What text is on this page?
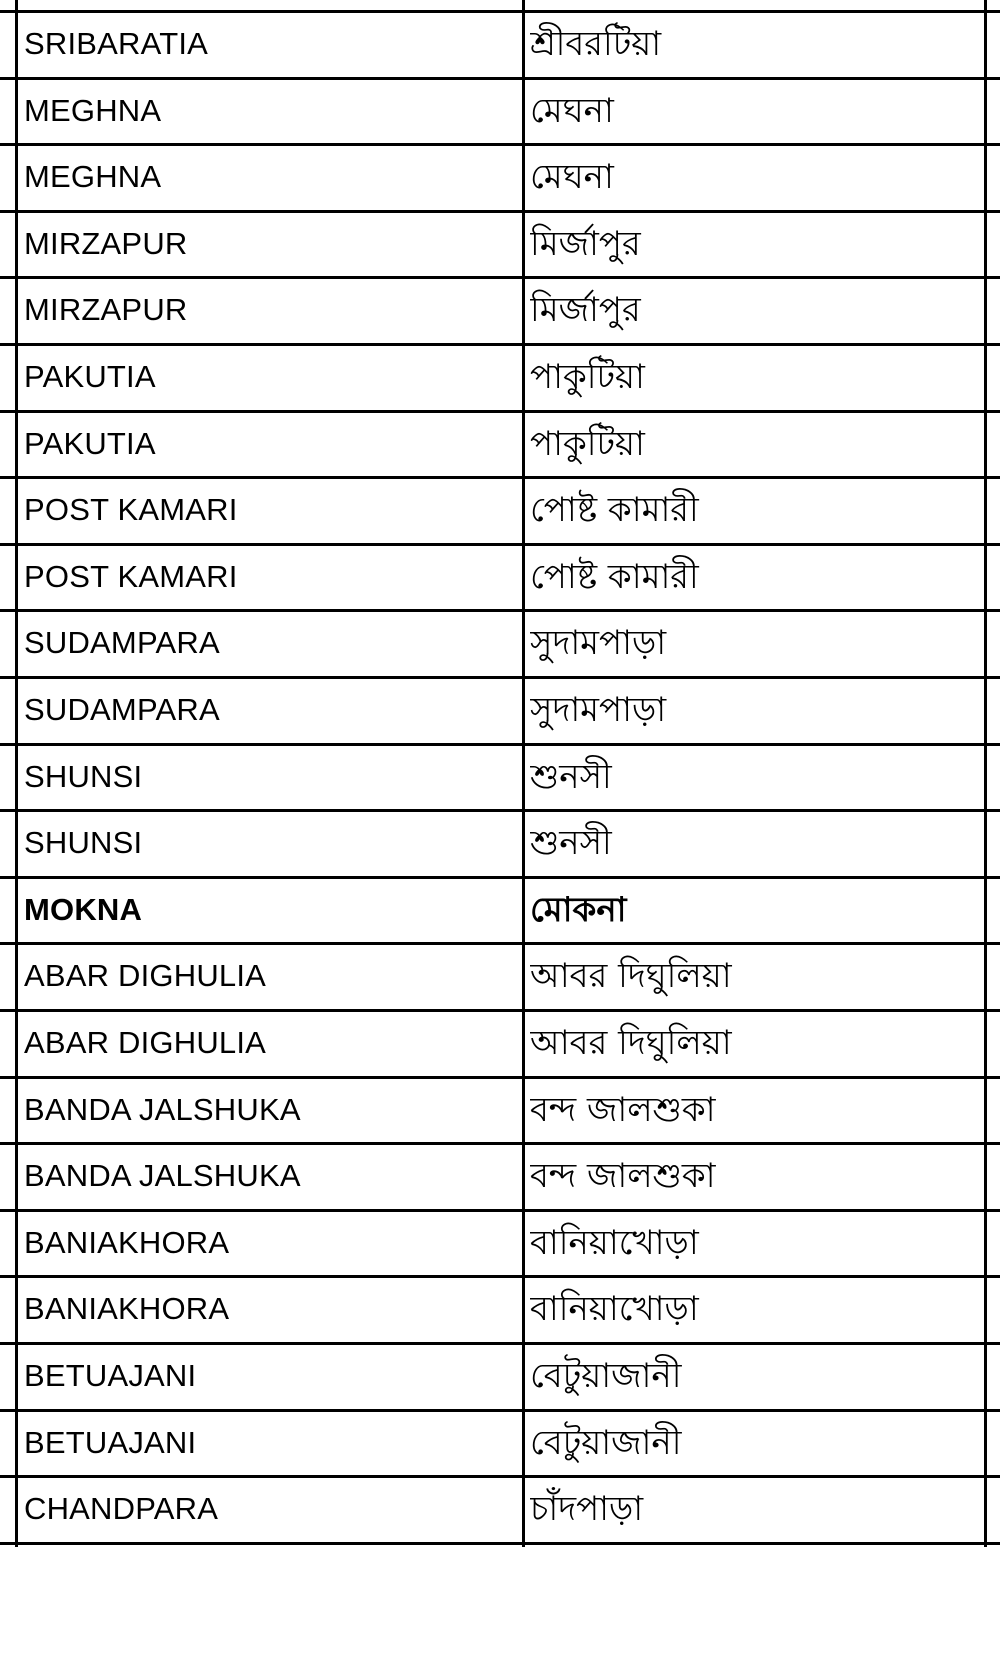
SRIBARATIA	শ্রীবরটিয়া
MEGHNA	মেঘনা
MEGHNA	মেঘনা
MIRZAPUR	মির্জাপুর
MIRZAPUR	মির্জাপুর
PAKUTIA	পাকুটিয়া
PAKUTIA	পাকুটিয়া
POST KAMARI	পোষ্ট কামারী
POST KAMARI	পোষ্ট কামারী
SUDAMPARA	সুদামপাড়া
SUDAMPARA	সুদামপাড়া
SHUNSI	শুনসী
SHUNSI	শুনসী
MOKNA	মোকনা
ABAR DIGHULIA	আবর দিঘুলিয়া
ABAR DIGHULIA	আবর দিঘুলিয়া
BANDA JALSHUKA	বন্দ জালশুকা
BANDA JALSHUKA	বন্দ জালশুকা
BANIAKHORA	বানিয়াখোড়া
BANIAKHORA	বানিয়াখোড়া
BETUAJANI	বেটুয়াজানী
BETUAJANI	বেটুয়াজানী
CHANDPARA	চাঁদপাড়া
